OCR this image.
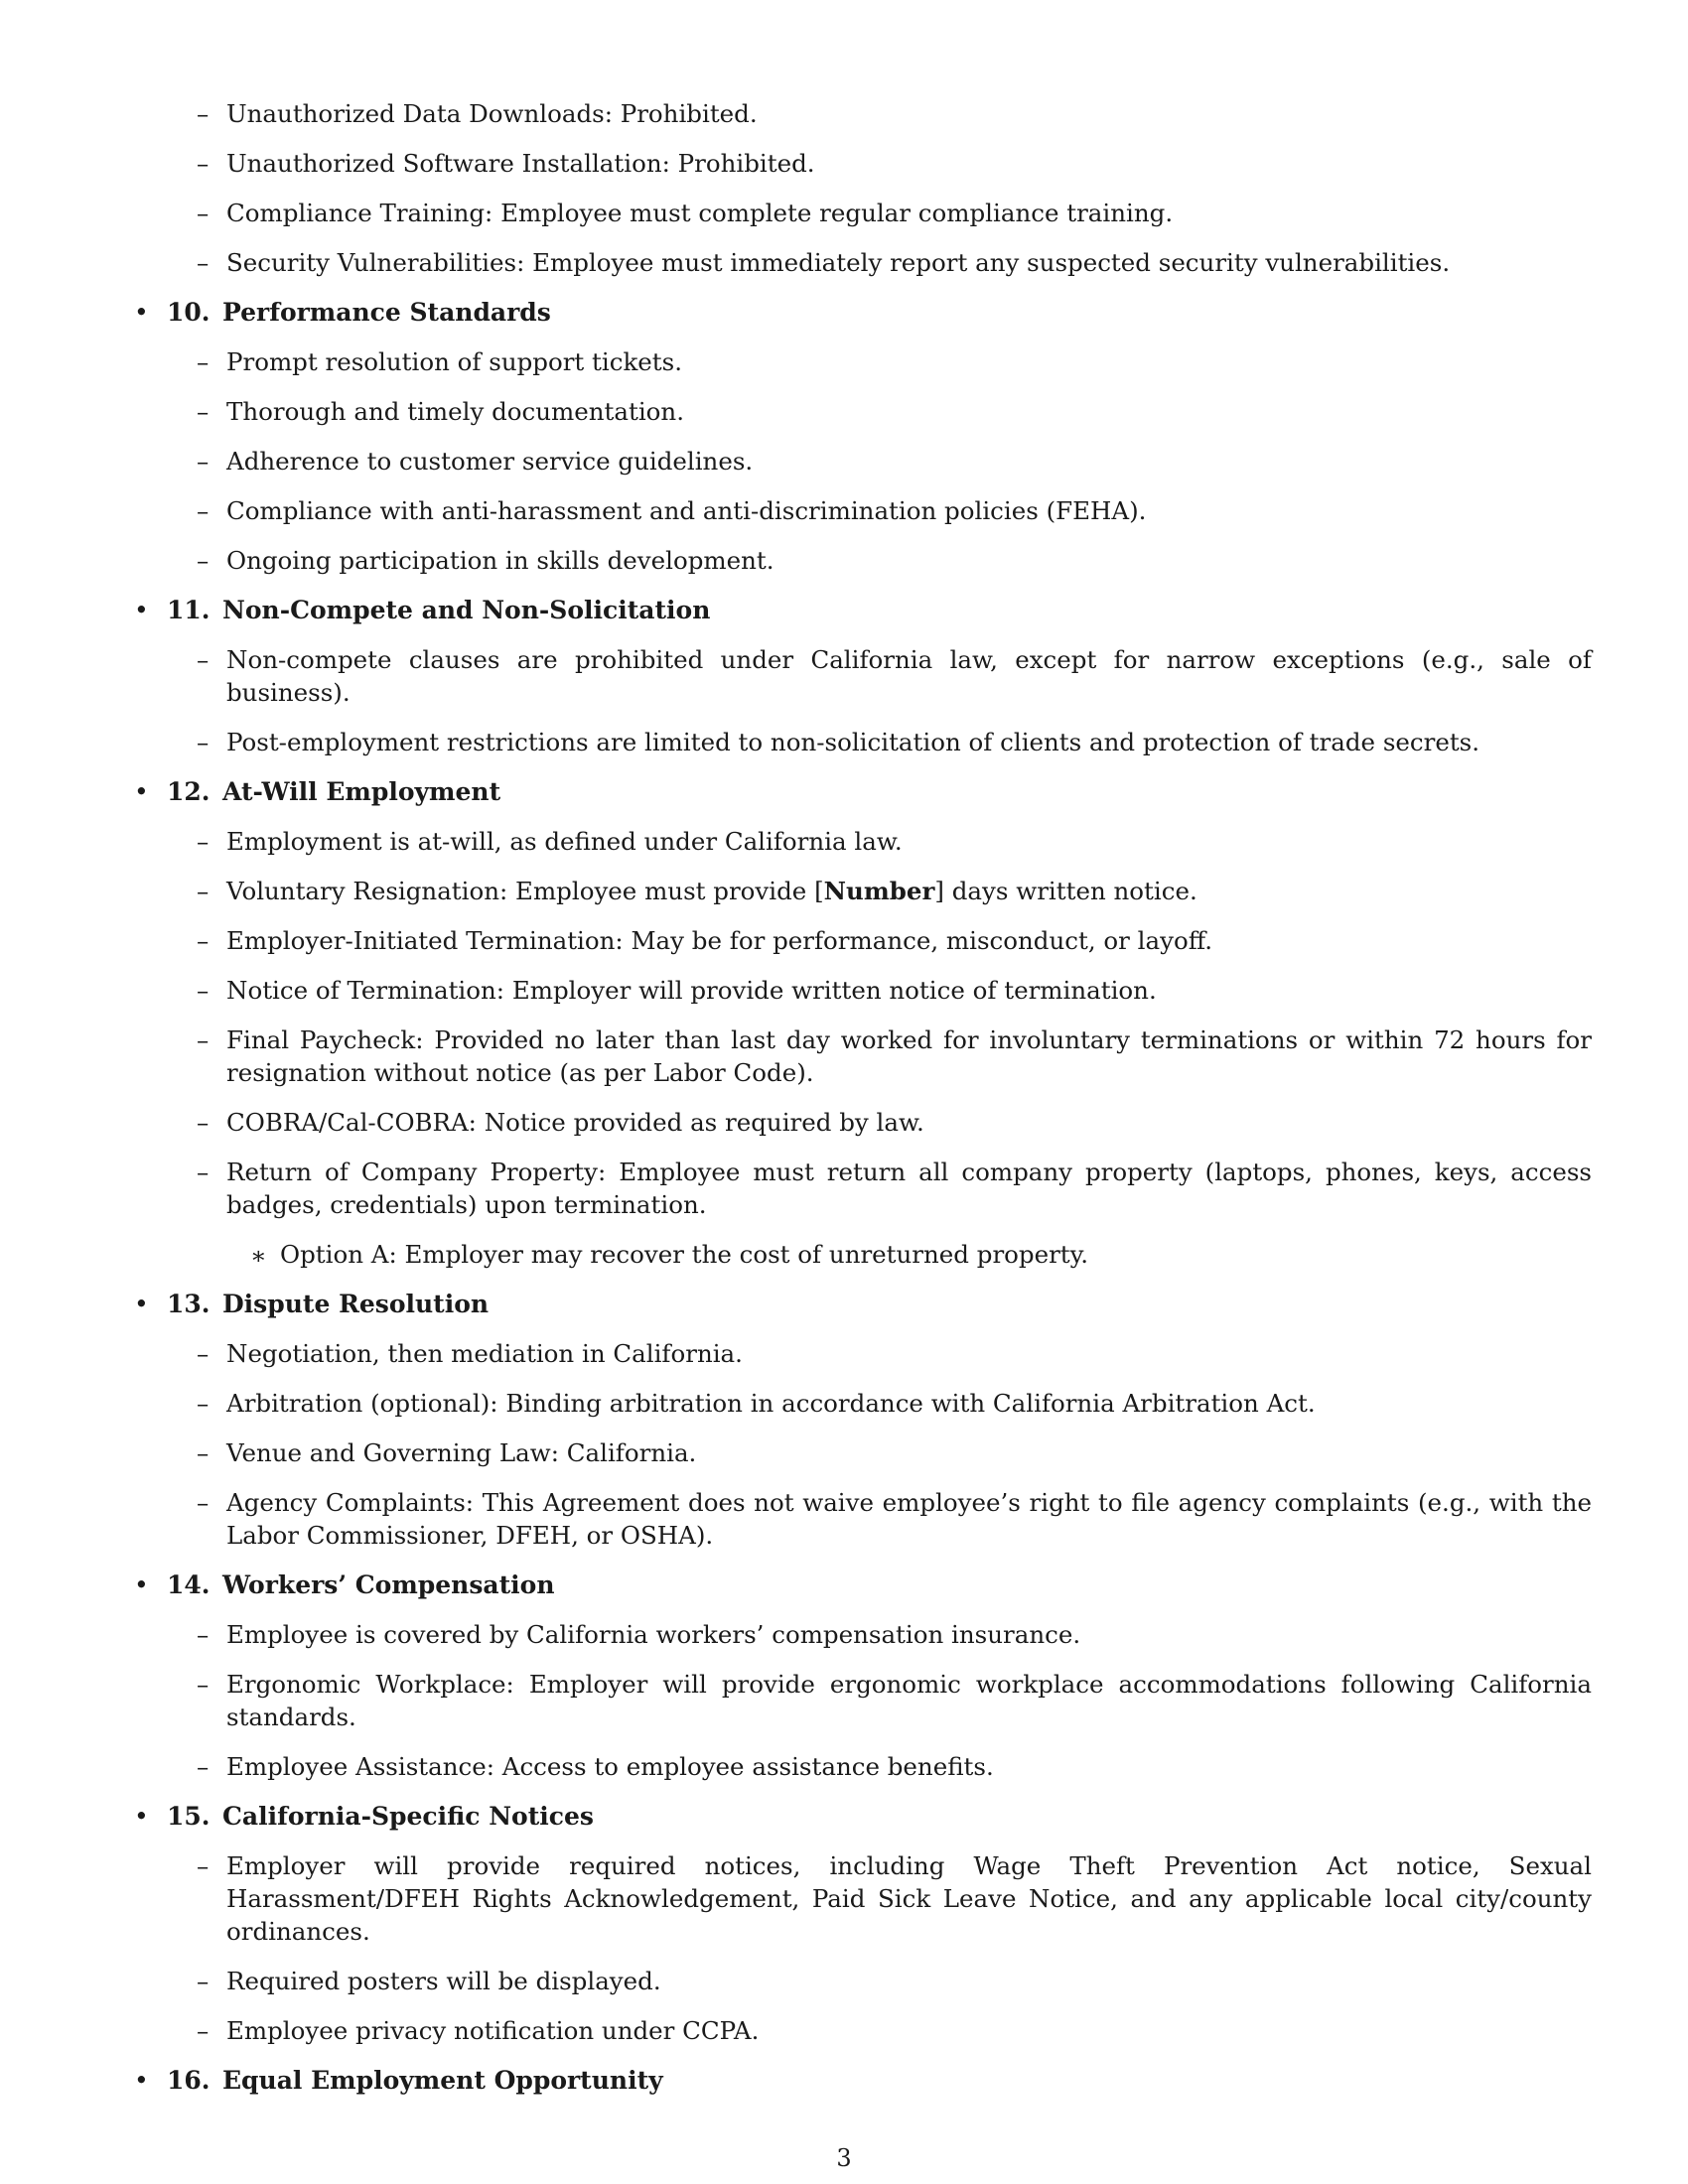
– Unauthorized Data Downloads: Prohibited.
– Unauthorized Software Installation: Prohibited.
– Compliance Training: Employee must complete regular compliance training.
– Security Vulnerabilities: Employee must immediately report any suspected security vulnerabilities.
• 10. Performance Standards
– Prompt resolution of support tickets.
– Thorough and timely documentation.
– Adherence to customer service guidelines.
– Compliance with anti-harassment and anti-discrimination policies (FEHA).
– Ongoing participation in skills development.
• 11. Non-Compete and Non-Solicitation
– Non-compete clauses are prohibited under California law, except for narrow exceptions (e.g., sale of business).
– Post-employment restrictions are limited to non-solicitation of clients and protection of trade secrets.
• 12. At-Will Employment
– Employment is at-will, as defined under California law.
– Voluntary Resignation: Employee must provide [Number] days written notice.
– Employer-Initiated Termination: May be for performance, misconduct, or layoff.
– Notice of Termination: Employer will provide written notice of termination.
– Final Paycheck: Provided no later than last day worked for involuntary terminations or within 72 hours for resignation without notice (as per Labor Code).
– COBRA/Cal-COBRA: Notice provided as required by law.
– Return of Company Property: Employee must return all company property (laptops, phones, keys, access badges, credentials) upon termination.
∗ Option A: Employer may recover the cost of unreturned property.
• 13. Dispute Resolution
– Negotiation, then mediation in California.
– Arbitration (optional): Binding arbitration in accordance with California Arbitration Act.
– Venue and Governing Law: California.
– Agency Complaints: This Agreement does not waive employee’s right to file agency complaints (e.g., with the Labor Commissioner, DFEH, or OSHA).
• 14. Workers’ Compensation
– Employee is covered by California workers’ compensation insurance.
– Ergonomic Workplace: Employer will provide ergonomic workplace accommodations following California standards.
– Employee Assistance: Access to employee assistance benefits.
• 15. California-Specific Notices
– Employer will provide required notices, including Wage Theft Prevention Act notice, Sexual Harassment/DFEH Rights Acknowledgement, Paid Sick Leave Notice, and any applicable local city/county ordinances.
– Required posters will be displayed.
– Employee privacy notification under CCPA.
• 16. Equal Employment Opportunity
3
